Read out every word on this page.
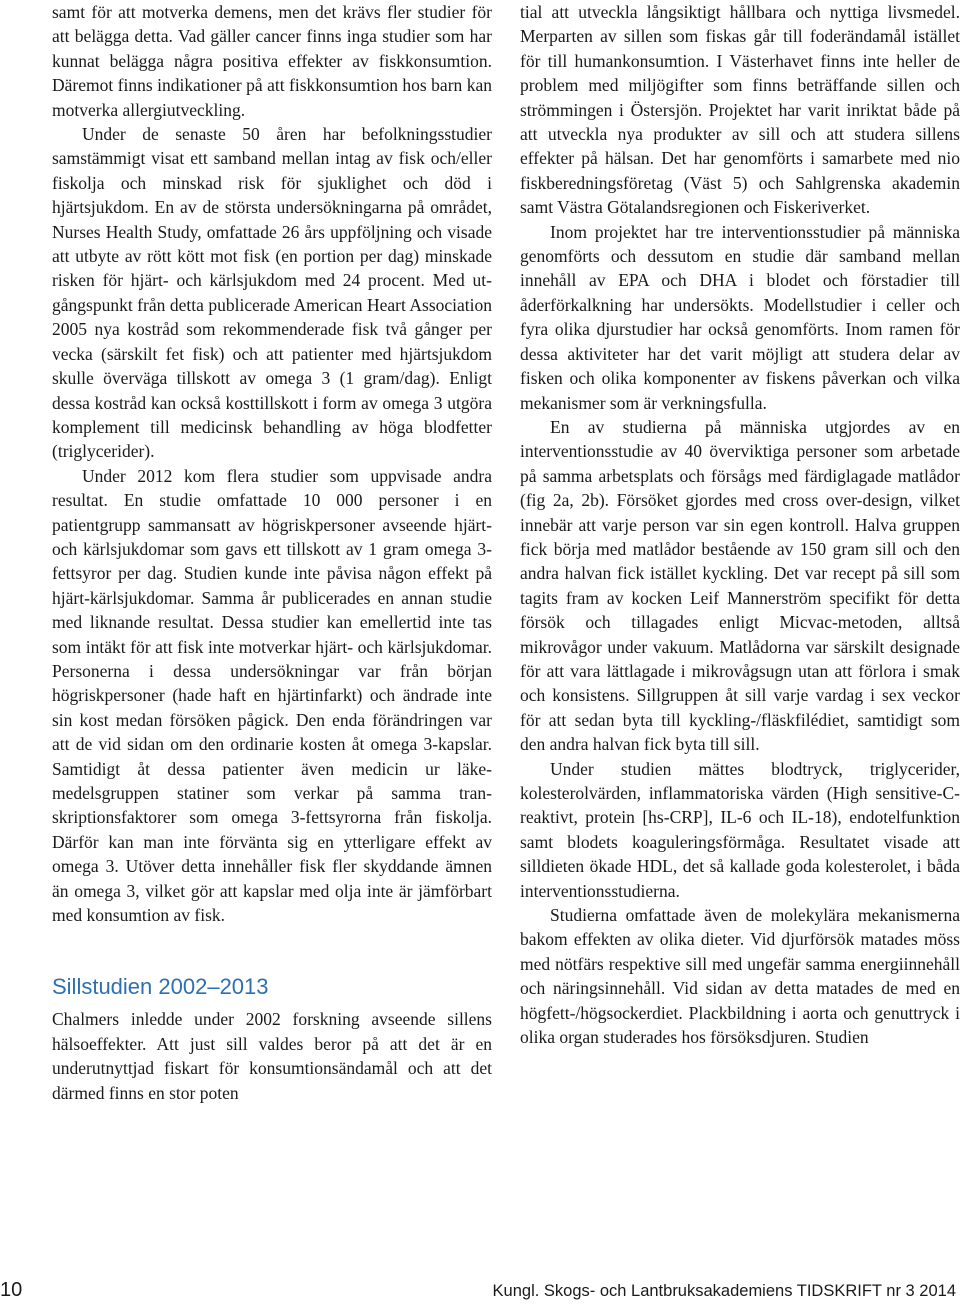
samt för att motverka demens, men det krävs fler studier för att belägga detta. Vad gäller cancer finns inga studier som har kunnat belägga några positiva effekter av fiskkonsumtion. Däremot finns indikationer på att fiskkonsumtion hos barn kan motverka allergiutveckling.

Under de senaste 50 åren har befolkningsstudier samstämmigt visat ett samband mellan intag av fisk och/eller fiskolja och minskad risk för sjuklighet och död i hjärtsjukdom. En av de största undersökningarna på området, Nurses Health Study, omfattade 26 års uppföljning och visade att utbyte av rött kött mot fisk (en portion per dag) minskade risken för hjärt- och kärlsjukdom med 24 procent. Med utgångspunkt från detta publicerade American Heart Association 2005 nya kostråd som rekommenderade fisk två gånger per vecka (särskilt fet fisk) och att patienter med hjärtsjukdom skulle överväga tillskott av omega 3 (1 gram/dag). Enligt dessa kostråd kan också kosttillskott i form av omega 3 utgöra komplement till medicinsk behandling av höga blodfetter (triglycerider).

Under 2012 kom flera studier som uppvisade andra resultat. En studie omfattade 10 000 personer i en patientgrupp sammansatt av högriskpersoner avseende hjärt- och kärlsjukdomar som gavs ett tillskott av 1 gram omega 3-fettsyror per dag. Studien kunde inte påvisa någon effekt på hjärt-kärlsjukdomar. Samma år publicerades en annan studie med liknande resultat. Dessa studier kan emellertid inte tas som intäkt för att fisk inte motverkar hjärt- och kärlsjukdomar. Personerna i dessa undersökningar var från början högriskpersoner (hade haft en hjärtinfarkt) och ändrade inte sin kost medan försöken pågick. Den enda förändringen var att de vid sidan om den ordinarie kosten åt omega 3-kapslar. Samtidigt åt dessa patienter även medicin ur läkemedelsgruppen statiner som verkar på samma transkriptionsfaktorer som omega 3-fettsyrorna från fiskolja. Därför kan man inte förvänta sig en ytterligare effekt av omega 3. Utöver detta innehåller fisk fler skyddande ämnen än omega 3, vilket gör att kapslar med olja inte är jämförbart med konsumtion av fisk.

Sillstudien 2002–2013

Chalmers inledde under 2002 forskning avseende sillens hälsoeffekter. Att just sill valdes beror på att det är en underutnyttjad fiskart för konsumtionsändamål och att det därmed finns en stor poten

tial att utveckla långsiktigt hållbara och nyttiga livsmedel. Merparten av sillen som fiskas går till foderändamål istället för till humankonsumtion. I Västerhavet finns inte heller de problem med miljögifter som finns beträffande sillen och strömmingen i Östersjön. Projektet har varit inriktat både på att utveckla nya produkter av sill och att studera sillens effekter på hälsan. Det har genomförts i samarbete med nio fiskberedningsföretag (Väst 5) och Sahlgrenska akademin samt Västra Götalandsregionen och Fiskeriverket.

Inom projektet har tre interventionsstudier på människa genomförts och dessutom en studie där samband mellan innehåll av EPA och DHA i blodet och förstadier till åderförkalkning har undersökts. Modellstudier i celler och fyra olika djurstudier har också genomförts. Inom ramen för dessa aktiviteter har det varit möjligt att studera delar av fisken och olika komponenter av fiskens påverkan och vilka mekanismer som är verkningsfulla.

En av studierna på människa utgjordes av en interventionsstudie av 40 överviktiga personer som arbetade på samma arbetsplats och försågs med färdiglagade matlådor (fig 2a, 2b). Försöket gjordes med cross over-design, vilket innebär att varje person var sin egen kontroll. Halva gruppen fick börja med matlådor bestående av 150 gram sill och den andra halvan fick istället kyckling. Det var recept på sill som tagits fram av kocken Leif Mannerström specifikt för detta försök och tillagades enligt Micvac-metoden, alltså mikrovågor under vakuum. Matlådorna var särskilt designade för att vara lättlagade i mikrovågsugn utan att förlora i smak och konsistens. Sillgruppen åt sill varje vardag i sex veckor för att sedan byta till kyckling-/fläskfilédiet, samtidigt som den andra halvan fick byta till sill.

Under studien mättes blodtryck, triglycerider, kolesterolvärden, inflammatoriska värden (High sensitive-C-reaktivt, protein [hs-CRP], IL-6 och IL-18), endotelfunktion samt blodets koaguleringsförmåga. Resultatet visade att silldieten ökade HDL, det så kallade goda kolesterolet, i båda interventionsstudierna.

Studierna omfattade även de molekylära mekanismerna bakom effekten av olika dieter. Vid djurförsök matades möss med nötfärs respektive sill med ungefär samma energiinnehåll och näringsinnehåll. Vid sidan av detta matades de med en högfett-/högsockerdiet. Plackbildning i aorta och genuttryck i olika organ studerades hos försöksdjuren. Studien

10	Kungl. Skogs- och Lantbruksakademiens TIDSKRIFT nr 3 2014
